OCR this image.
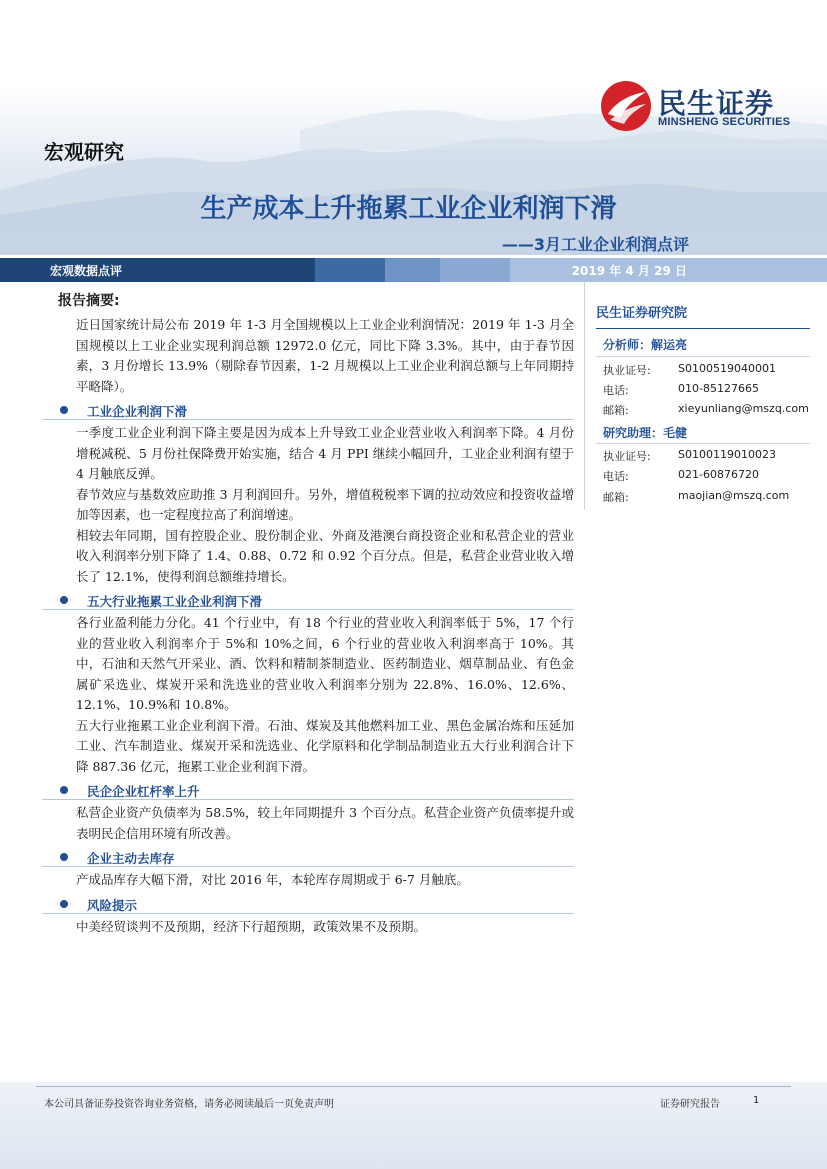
民生证券
MINSHENG SECURITIES
宏观研究
生产成本上升拖累工业企业利润下滑
——3月工业企业利润点评
宏观数据点评	2019 年 4 月 29 日
报告摘要:

近日国家统计局公布 2019 年 1-3 月全国规模以上工业企业利润情况：2019 年 1-3 月全国规模以上工业企业实现利润总额 12972.0 亿元，同比下降 3.3%。其中，由于春节因素，3 月份增长 13.9%（剔除春节因素，1-2 月规模以上工业企业利润总额与上年同期持平略降）。

工业企业利润下滑

一季度工业企业利润下降主要是因为成本上升导致工业企业营业收入利润率下降。4 月份增税减税、5 月份社保降费开始实施，结合 4 月 PPI 继续小幅回升，工业企业利润有望于 4 月触底反弹。

春节效应与基数效应助推 3 月利润回升。另外，增值税税率下调的拉动效应和投资收益增加等因素，也一定程度拉高了利润增速。

相较去年同期，国有控股企业、股份制企业、外商及港澳台商投资企业和私营企业的营业收入利润率分别下降了 1.4、0.88、0.72 和 0.92 个百分点。但是，私营企业营业收入增长了 12.1%，使得利润总额维持增长。

五大行业拖累工业企业利润下滑

各行业盈利能力分化。41 个行业中，有 18 个行业的营业收入利润率低于 5%，17 个行业的营业收入利润率介于 5%和 10%之间，6 个行业的营业收入利润率高于 10%。其中，石油和天然气开采业、酒、饮料和精制茶制造业、医药制造业、烟草制品业、有色金属矿采选业、煤炭开采和洗选业的营业收入利润率分别为 22.8%、16.0%、12.6%、12.1%、10.9%和 10.8%。

五大行业拖累工业企业利润下滑。石油、煤炭及其他燃料加工业、黑色金属冶炼和压延加工业、汽车制造业、煤炭开采和洗选业、化学原料和化学制品制造业五大行业利润合计下降 887.36 亿元，拖累工业企业利润下滑。

民企企业杠杆率上升

私营企业资产负债率为 58.5%，较上年同期提升 3 个百分点。私营企业资产负债率提升或表明民企信用环境有所改善。

企业主动去库存

产成品库存大幅下滑，对比 2016 年，本轮库存周期或于 6-7 月触底。

风险提示

中美经贸谈判不及预期，经济下行超预期，政策效果不及预期。

民生证券研究院
分析师：解运亮
执业证号: S0100519040001
电话:	010-85127665
邮箱:	xieyunliang@mszq.com
研究助理：毛健
执业证号: S0100119010023
电话:	021-60876720
邮箱:	maojian@mszq.com
本公司具备证券投资咨询业务资格，请务必阅读最后一页免责声明	证券研究报告	1
